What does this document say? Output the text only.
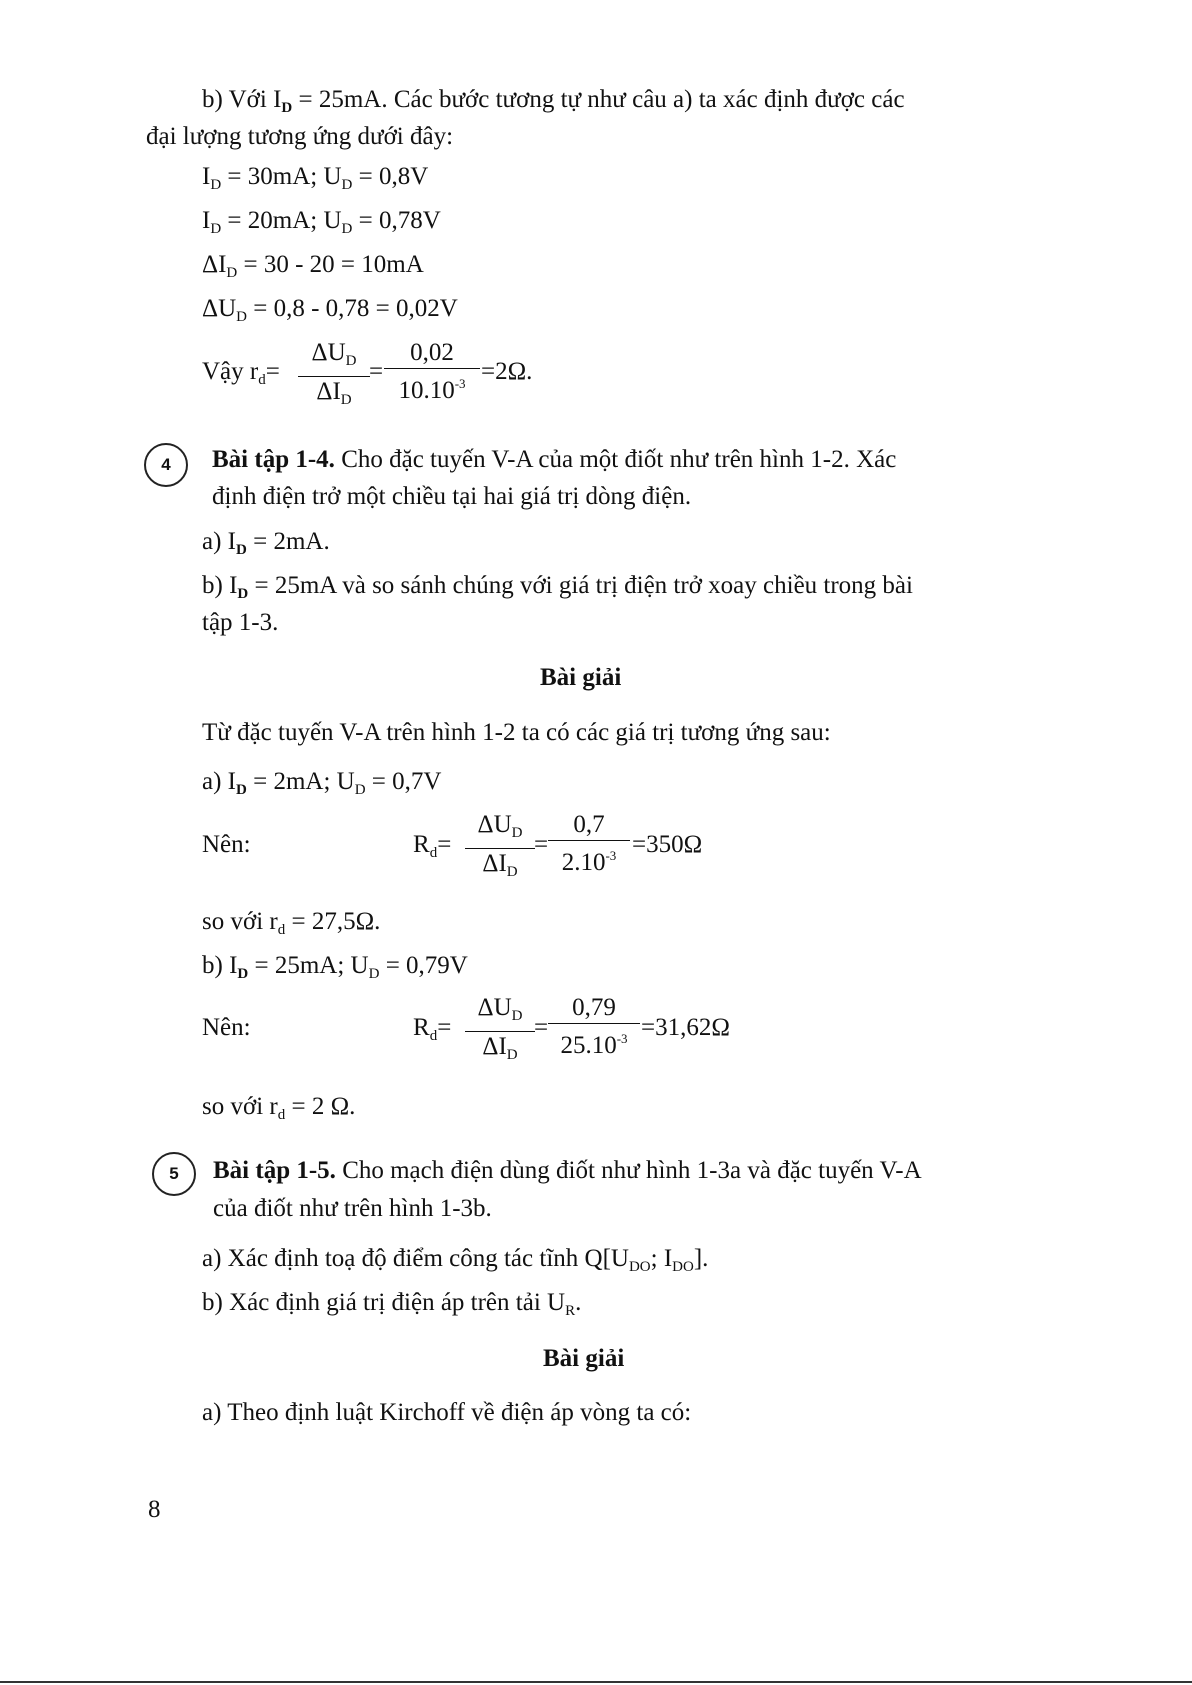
b) Với $I_D = 25mA$. Các bước tương tự như câu a) ta xác định được các
đại lượng tương ứng dưới đây:
$I_D = 30mA$; $U_D = 0,8V$
$I_D = 20mA$; $U_D = 0,78V$
$\Delta I_D = 30 - 20 = 10mA$
$\Delta U_D = 0,8 - 0,78 = 0,02V$
Vậy $r_d=$
$\Delta U_D$
$\Delta I_D$
=
0,02
$10.10^{-3} =2\Omega$.
4	Bài tập 1-4. Cho đặc tuyến V-A của một điốt như trên hình 1-2. Xác
định điện trở một chiều tại hai giá trị dòng điện.
a) $I_D = 2mA$.
b) $I_D = 25mA$ và so sánh chúng với giá trị điện trở xoay chiều trong bài
tập 1-3.
Bài giải
Từ đặc tuyến V-A trên hình 1-2 ta có các giá trị tương ứng sau:
a) $I_D = 2mA$; $U_D = 0,7V$
Nên:	$R_d=$
$\Delta U_D$
$\Delta I_D$
=
0,7
$2.10^{-3} =350\Omega$
so với $r_d = 27,5\Omega$.
b) $I_D = 25mA$; $U_D = 0,79V$
Nên:	$R_d=$
$\Delta U_D$
$\Delta I_D$
=
0,79
$25.10^{-3} =31,62\Omega$
so với $r_d = 2$ Ω.
5	Bài tập 1-5. Cho mạch điện dùng điốt như hình 1-3a và đặc tuyến V-A
của điốt như trên hình 1-3b.
a) Xác định toạ độ điểm công tác tĩnh $Q[U_{DO}$; $I_{DO}$].
b) Xác định giá trị điện áp trên tải $U_R$.
Bài giải
a) Theo định luật Kirchoff về điện áp vòng ta có:
8
